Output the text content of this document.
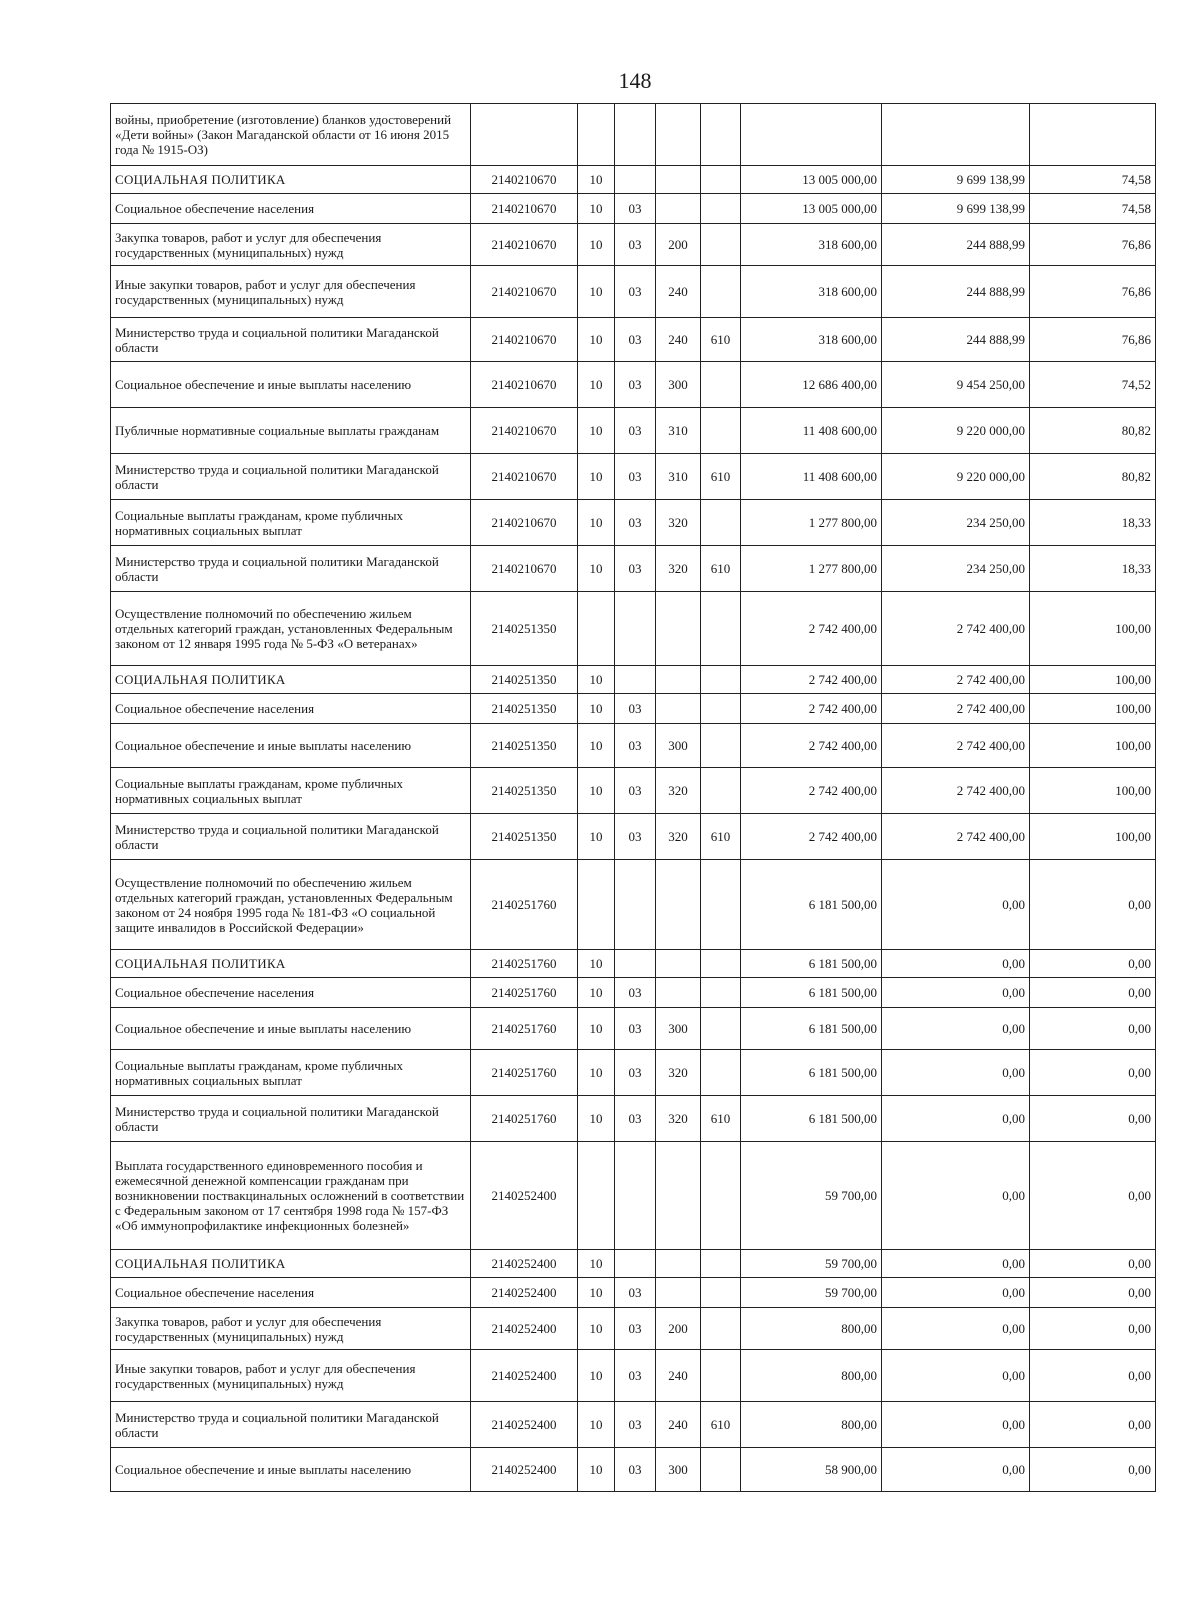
148
войны, приобретение (изготовление) бланков удостоверений «Дети войны» (Закон Магаданской области от 16 июня 2015 года № 1915-ОЗ)								
СОЦИАЛЬНАЯ ПОЛИТИКА	2140210670	10				13 005 000,00	9 699 138,99	74,58
Социальное обеспечение населения	2140210670	10	03			13 005 000,00	9 699 138,99	74,58
Закупка товаров, работ и услуг для обеспечения государственных (муниципальных) нужд	2140210670	10	03	200		318 600,00	244 888,99	76,86
Иные закупки товаров, работ и услуг для обеспечения государственных (муниципальных) нужд	2140210670	10	03	240		318 600,00	244 888,99	76,86
Министерство труда и социальной политики Магаданской области	2140210670	10	03	240	610	318 600,00	244 888,99	76,86
Социальное обеспечение и иные выплаты населению	2140210670	10	03	300		12 686 400,00	9 454 250,00	74,52
Публичные нормативные социальные выплаты гражданам	2140210670	10	03	310		11 408 600,00	9 220 000,00	80,82
Министерство труда и социальной политики Магаданской области	2140210670	10	03	310	610	11 408 600,00	9 220 000,00	80,82
Социальные выплаты гражданам, кроме публичных нормативных социальных выплат	2140210670	10	03	320		1 277 800,00	234 250,00	18,33
Министерство труда и социальной политики Магаданской области	2140210670	10	03	320	610	1 277 800,00	234 250,00	18,33
Осуществление полномочий по обеспечению жильем отдельных категорий граждан, установленных Федеральным законом от 12 января 1995 года № 5-ФЗ «О ветеранах»	2140251350					2 742 400,00	2 742 400,00	100,00
СОЦИАЛЬНАЯ ПОЛИТИКА	2140251350	10				2 742 400,00	2 742 400,00	100,00
Социальное обеспечение населения	2140251350	10	03			2 742 400,00	2 742 400,00	100,00
Социальное обеспечение и иные выплаты населению	2140251350	10	03	300		2 742 400,00	2 742 400,00	100,00
Социальные выплаты гражданам, кроме публичных нормативных социальных выплат	2140251350	10	03	320		2 742 400,00	2 742 400,00	100,00
Министерство труда и социальной политики Магаданской области	2140251350	10	03	320	610	2 742 400,00	2 742 400,00	100,00
Осуществление полномочий по обеспечению жильем отдельных категорий граждан, установленных Федеральным законом от 24 ноября 1995 года № 181-ФЗ «О социальной защите инвалидов в Российской Федерации»	2140251760					6 181 500,00	0,00	0,00
СОЦИАЛЬНАЯ ПОЛИТИКА	2140251760	10				6 181 500,00	0,00	0,00
Социальное обеспечение населения	2140251760	10	03			6 181 500,00	0,00	0,00
Социальное обеспечение и иные выплаты населению	2140251760	10	03	300		6 181 500,00	0,00	0,00
Социальные выплаты гражданам, кроме публичных нормативных социальных выплат	2140251760	10	03	320		6 181 500,00	0,00	0,00
Министерство труда и социальной политики Магаданской области	2140251760	10	03	320	610	6 181 500,00	0,00	0,00
Выплата государственного единовременного пособия и ежемесячной денежной компенсации гражданам при возникновении поствакцинальных осложнений в соответствии с Федеральным законом от 17 сентября 1998 года № 157-ФЗ «Об иммунопрофилактике инфекционных болезней»	2140252400					59 700,00	0,00	0,00
СОЦИАЛЬНАЯ ПОЛИТИКА	2140252400	10				59 700,00	0,00	0,00
Социальное обеспечение населения	2140252400	10	03			59 700,00	0,00	0,00
Закупка товаров, работ и услуг для обеспечения государственных (муниципальных) нужд	2140252400	10	03	200		800,00	0,00	0,00
Иные закупки товаров, работ и услуг для обеспечения государственных (муниципальных) нужд	2140252400	10	03	240		800,00	0,00	0,00
Министерство труда и социальной политики Магаданской области	2140252400	10	03	240	610	800,00	0,00	0,00
Социальное обеспечение и иные выплаты населению	2140252400	10	03	300		58 900,00	0,00	0,00
